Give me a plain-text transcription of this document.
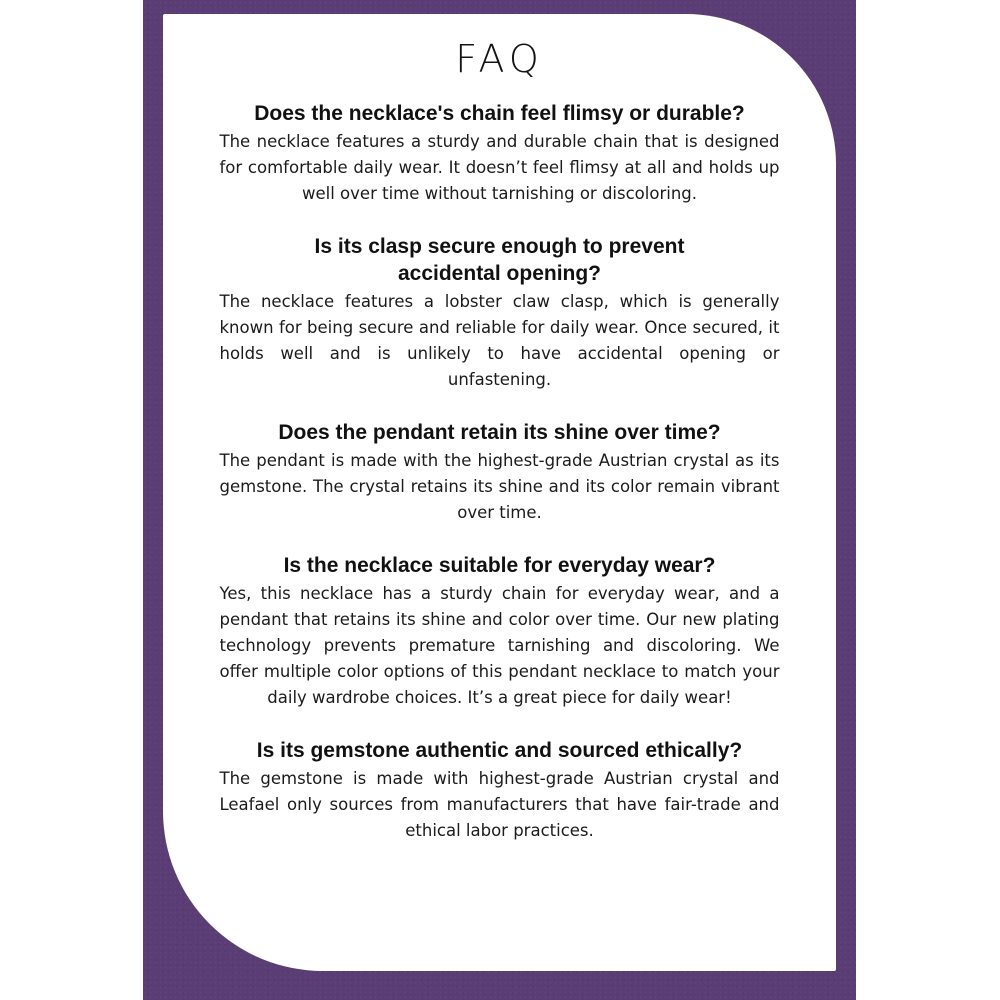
FAQ
Does the necklace's chain feel flimsy or durable?

The necklace features a sturdy and durable chain that is designed for comfortable daily wear. It doesn’t feel flimsy at all and holds up well over time without tarnishing or discoloring.

Is its clasp secure enough to prevent accidental opening?

The necklace features a lobster claw clasp, which is generally known for being secure and reliable for daily wear. Once secured, it holds well and is unlikely to have accidental opening or unfastening.

Does the pendant retain its shine over time?

The pendant is made with the highest-grade Austrian crystal as its gemstone. The crystal retains its shine and its color remain vibrant over time.

Is the necklace suitable for everyday wear?

Yes, this necklace has a sturdy chain for everyday wear, and a pendant that retains its shine and color over time. Our new plating technology prevents premature tarnishing and discoloring. We offer multiple color options of this pendant necklace to match your daily wardrobe choices. It’s a great piece for daily wear!

Is its gemstone authentic and sourced ethically?

The gemstone is made with highest-grade Austrian crystal and Leafael only sources from manufacturers that have fair-trade and ethical labor practices.
